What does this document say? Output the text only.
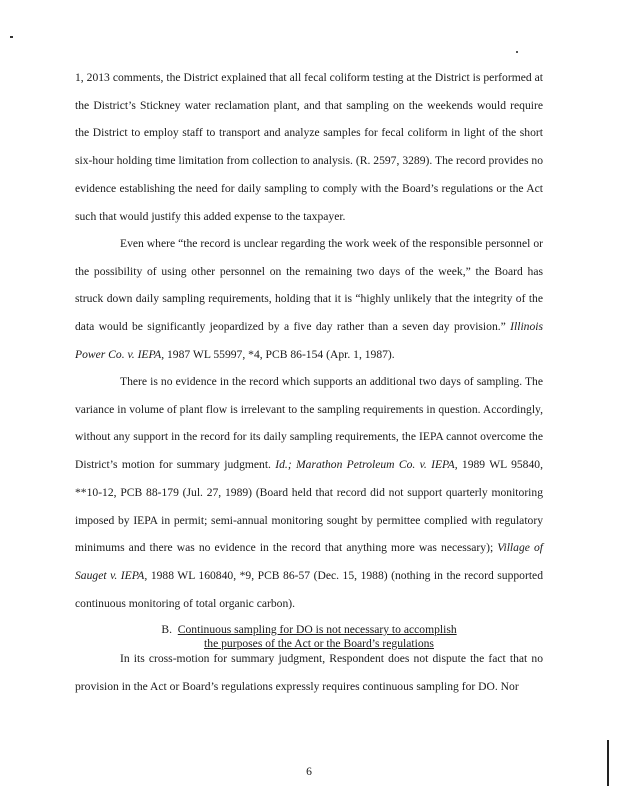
1, 2013 comments, the District explained that all fecal coliform testing at the District is performed at the District’s Stickney water reclamation plant, and that sampling on the weekends would require the District to employ staff to transport and analyze samples for fecal coliform in light of the short six-hour holding time limitation from collection to analysis. (R. 2597, 3289). The record provides no evidence establishing the need for daily sampling to comply with the Board’s regulations or the Act such that would justify this added expense to the taxpayer.

Even where “the record is unclear regarding the work week of the responsible personnel or the possibility of using other personnel on the remaining two days of the week,” the Board has struck down daily sampling requirements, holding that it is “highly unlikely that the integrity of the data would be significantly jeopardized by a five day rather than a seven day provision.” Illinois Power Co. v. IEPA, 1987 WL 55997, *4, PCB 86-154 (Apr. 1, 1987).

There is no evidence in the record which supports an additional two days of sampling. The variance in volume of plant flow is irrelevant to the sampling requirements in question. Accordingly, without any support in the record for its daily sampling requirements, the IEPA cannot overcome the District’s motion for summary judgment. Id.; Marathon Petroleum Co. v. IEPA, 1989 WL 95840, **10-12, PCB 88-179 (Jul. 27, 1989) (Board held that record did not support quarterly monitoring imposed by IEPA in permit; semi-annual monitoring sought by permittee complied with regulatory minimums and there was no evidence in the record that anything more was necessary); Village of Sauget v. IEPA, 1988 WL 160840, *9, PCB 86-57 (Dec. 15, 1988) (nothing in the record supported continuous monitoring of total organic carbon).

B. Continuous sampling for DO is not necessary to accomplish
the purposes of the Act or the Board’s regulations

In its cross-motion for summary judgment, Respondent does not dispute the fact that no provision in the Act or Board’s regulations expressly requires continuous sampling for DO. Nor

6
